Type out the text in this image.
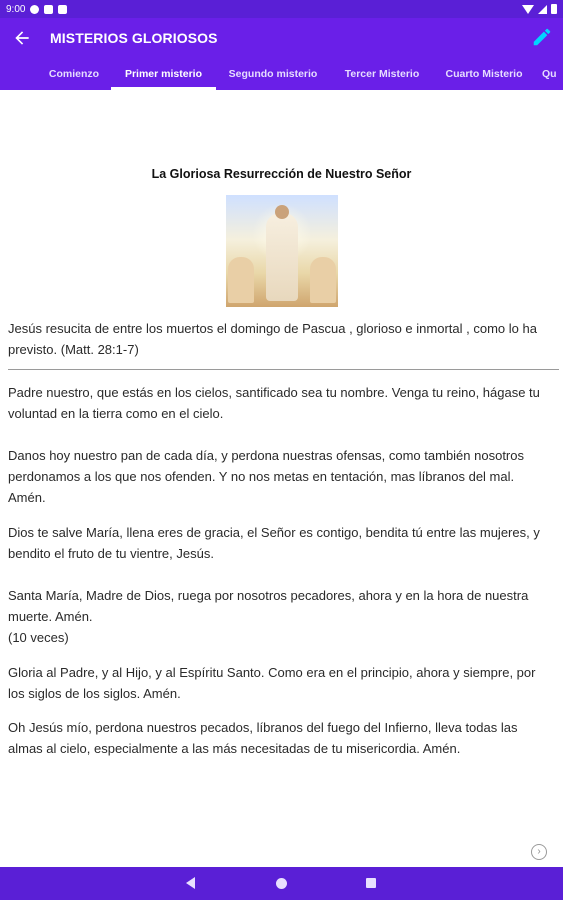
9:00
MISTERIOS GLORIOSOS
Comienzo	Primer misterio	Segundo misterio	Tercer Misterio	Cuarto Misterio	Qu
La Gloriosa Resurrección de Nuestro Señor
Jesús resucita de entre los muertos el domingo de Pascua , glorioso e inmortal , como lo ha previsto. (Matt. 28:1-7)
Padre nuestro, que estás en los cielos, santificado sea tu nombre. Venga tu reino, hágase tu voluntad en la tierra como en el cielo.
Danos hoy nuestro pan de cada día, y perdona nuestras ofensas, como también nosotros perdonamos a los que nos ofenden. Y no nos metas en tentación, mas líbranos del mal. Amén.
Dios te salve María, llena eres de gracia, el Señor es contigo, bendita tú entre las mujeres, y bendito el fruto de tu vientre, Jesús.
Santa María, Madre de Dios, ruega por nosotros pecadores, ahora y en la hora de nuestra muerte. Amén.
(10 veces)
Gloria al Padre, y al Hijo, y al Espíritu Santo. Como era en el principio, ahora y siempre, por los siglos de los siglos. Amén.
Oh Jesús mío, perdona nuestros pecados, líbranos del fuego del Infierno, lleva todas las almas al cielo, especialmente a las más necesitadas de tu misericordia. Amén.
›
